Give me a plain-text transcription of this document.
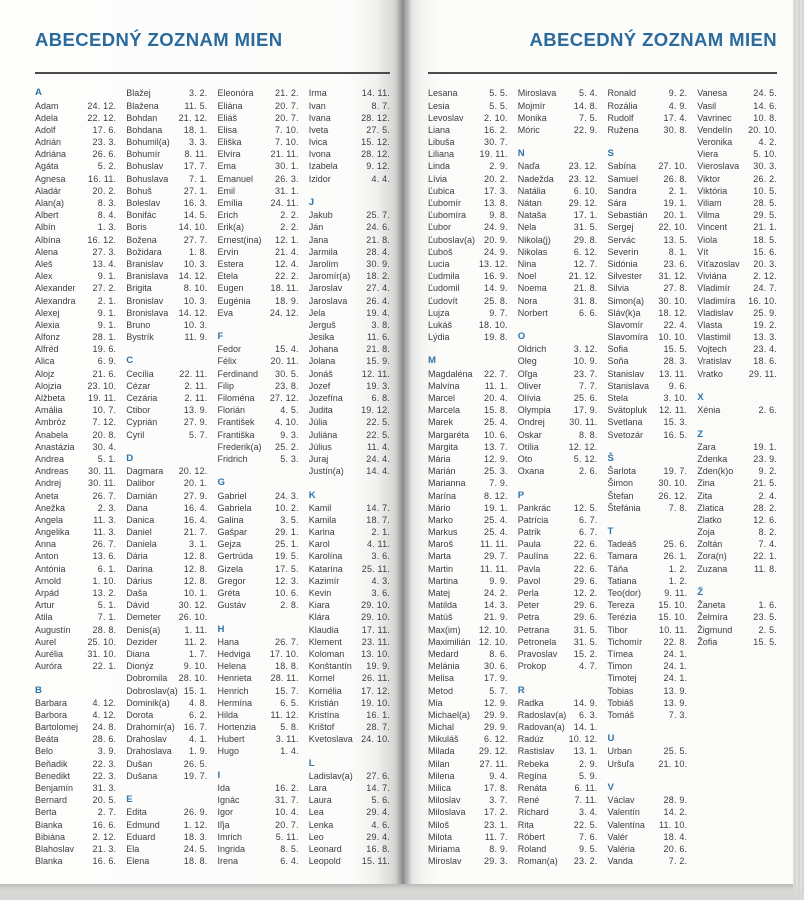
ABECEDNÝ ZOZNAM MIEN
A
Adam	24. 12.
Adela	22. 12.
Adolf	17. 6.
Adrián	23. 3.
Adriána	26. 6.
Agáta	5. 2.
Agnesa 16. 11.
Aladár	20. 2.
Alan(a)	8. 3.
Albert	8. 4.
Albín	1. 3.
Albína	16. 12.
Alena	27. 3.
Aleš	13. 4.
Alex	9. 1.
Alexander 27. 2.
Alexandra 2. 1.
Alexej	9. 1.
Alexia	9. 1.
Alfonz	28. 1.
Alfréd	19. 6.
Alica	6. 9.
Alojz	21. 6.
Alojzia	23. 10.
Alžbeta	19. 11.
Amália	10. 7.
Ambróz	7. 12.
Anabela	20. 8.
Anastázia 30. 4.
Andrea	5. 1.
Andreas 30. 11.
Andrej	30. 11.
Aneta	26. 7.
Anežka	2. 3.
Angela	11. 3.
Angelika	11. 3.
Anna	26. 7.
Anton	13. 6.
Antónia	6. 1.
Arnold	1. 10.
Arpád	13. 2.
Artur	5. 1.
Atila	7. 1.
Augustín 28. 8.
Aurel	25. 10.
Aurélia	31. 10.
Auróra	22. 1.
B
Barbara	4. 12.
Barbora	4. 12.
Bartolomej 24. 8.
Beáta	28. 6.
Belo	3. 9.
Beňadik	22. 3.
Benedikt	22. 3.
Benjamín 31. 3.
Bernard	20. 5.
Berta	2. 7.
Bianka	16. 6.
Bibiána	2. 12.
Blahoslav 21. 3.
Blanka	16. 6.
Blažej	3. 2.
Blažena	11. 5.
Bohdan 21. 12.
Bohdana 18. 1.
Bohumil(a) 3. 3.
Bohumír	8. 11.
Bohuslav 17. 7.
Bohuslava 7. 1.
Bohuš	27. 1.
Boleslav	16. 3.
Bonifác	14. 5.
Boris	14. 10.
Božena	27. 7.
Božidara	1. 8.
Branislav 10. 3.
Branislava 14. 12.
Brigita	8. 10.
Bronislav 10. 3.
Bronislava 14. 12.
Bruno	10. 3.
Bystrík	11. 9.
C
Cecília	22. 11.
Cézar	2. 11.
Cezária	2. 11.
Ctibor	13. 9.
Cyprián	27. 9.
Cyril	5. 7.
D
Dagmara 20. 12.
Dalibor	20. 1.
Damián	27. 9.
Dana	16. 4.
Danica	16. 4.
Daniel	21. 7.
Daniela	3. 1.
Dária	12. 8.
Darina	12. 8.
Dárius	12. 8.
Daša	10. 1.
Dávid	30. 12.
Demeter 26. 10.
Denis(a)	1. 11.
Dezider	11. 2.
Diana	1. 7.
Dionýz	9. 10.
Dobromila 28. 10.
Dobroslav(a) 15. 1.
Dominik(a) 4. 8.
Dorota	6. 2.
Drahomír(a) 16. 7.
Drahoslav 4. 1.
Drahoslava 1. 9.
Dušan	26. 5.
Dušana	19. 7.
E
Edita	26. 9.
Edmund	1. 12.
Eduard	18. 3.
Ela	24. 5.
Elena	18. 8.
Eleonóra 21. 2.
Eliána	20. 7.
Eliáš	20. 7.
Elisa	7. 10.
Eliška	7. 10.
Elvíra	21. 11.
Ema	30. 1.
Emanuel 26. 3.
Emil	31. 1.
Emília	24. 11.
Erich	2. 2.
Erik(a)	2. 2.
Ernest(ina) 12. 1.
Ervín	21. 4.
Estera	12. 4.
Etela	22. 2.
Eugen	18. 11.
Eugénia	18. 9.
Eva	24. 12.
F
Fedor	15. 4.
Félix	20. 11.
Ferdinand 30. 5.
Filip	23. 8.
Filoména 27. 12.
Florián	4. 5.
František 4. 10.
Františka	9. 3.
Frederik(a) 25. 2.
Fridrich	5. 3.
G
Gabriel	24. 3.
Gabriela	10. 2.
Galina	3. 5.
Gašpar	29. 1.
Gejza	25. 1.
Gertrúda 19. 5.
Gizela	17. 5.
Gregor	12. 3.
Gréta	10. 6.
Gustáv	2. 8.
H
Hana	26. 7.
Hedviga 17. 10.
Helena	18. 8.
Henrieta 28. 11.
Henrich	15. 7.
Hermína	6. 5.
Hilda	11. 12.
Hortenzia	5. 8.
Hubert	3. 11.
Hugo	1. 4.
I
Ida	16. 2.
Ignác	31. 7.
Igor	10. 4.
Iľja	20. 7.
Imrich	5. 11.
Ingrida	8. 5.
Irena	6. 4.
Irma	14. 11.
Ivan	8. 7.
Ivana	28. 12.
Iveta	27. 5.
Ivica	15. 12.
Ivona	28. 12.
Izabela	9. 12.
Izidor	4. 4.
J
Jakub	25. 7.
Ján	24. 6.
Jana	21. 8.
Jarmila	28. 4.
Jarolím	30. 9.
Jaromír(a) 18. 2.
Jaroslav	27. 4.
Jaroslava 26. 4.
Jela	19. 4.
Jerguš	3. 8.
Jesika	11. 6.
Johana	21. 8.
Jolana	15. 9.
Jonáš	12. 11.
Jozef	19. 3.
Jozefína	6. 8.
Judita	19. 12.
Júlia	22. 5.
Juliána	22. 5.
Július	11. 4.
Juraj	24. 4.
Justín(a)	14. 4.
K
Kamil	14. 7.
Kamila	18. 7.
Karina	2. 1.
Karol	4. 11.
Karolína	3. 6.
Katarína 25. 11.
Kazimír	4. 3.
Kevin	3. 6.
Kiara	29. 10.
Klára	29. 10.
Klaudia	17. 11.
Klement 23. 11.
Koloman 13. 10.
Konštantín 19. 9.
Kornel	26. 11.
Kornélia 17. 12.
Kristián 19. 10.
Kristína	16. 1.
Krištof	28. 7.
Kvetoslava 24. 10.
L
Ladislav(a) 27. 6.
Lara	14. 7.
Laura	5. 6.
Lea	29. 4.
Lenka	4. 6.
Leo	29. 4.
Leonard	16. 8.
Leopold 15. 11.
ABECEDNÝ ZOZNAM MIEN
Lesana	5. 5.
Lesia	5. 5.
Levoslav 2. 10.
Liana	16. 2.
Libuša	30. 7.
Liliana	19. 11.
Linda	2. 9.
Lívia	20. 2.
Ľubica	17. 3.
Ľubomír	13. 8.
Ľubomíra	9. 8.
Ľubor	24. 9.
Ľuboslav(a) 20. 9.
Ľuboš	24. 9.
Lucia	13. 12.
Ľudmila	16. 9.
Ľudomil	14. 9.
Ľudovít	25. 8.
Lujza	9. 7.
Lukáš	18. 10.
Lýdia	19. 8.
M
Magdaléna 22. 7.
Malvína	11. 1.
Marcel	20. 4.
Marcela	15. 8.
Marek	25. 4.
Margaréta 10. 6.
Margita	13. 7.
Mária	12. 9.
Marián	25. 3.
Marianna	7. 9.
Marína	8. 12.
Mário	19. 1.
Marko	25. 4.
Markus	25. 4.
Maroš	11. 11.
Marta	29. 7.
Martin	11. 11.
Martina	9. 9.
Matej	24. 2.
Matilda	14. 3.
Matúš	21. 9.
Max(im) 12. 10.
Maximilián 12. 10.
Medard	8. 6.
Melánia	30. 6.
Melisa	17. 9.
Metod	5. 7.
Mia	12. 9.
Michael(a) 29. 9.
Michal	29. 9.
Mikuláš	6. 12.
Milada	29. 12.
Milan	27. 11.
Milena	9. 4.
Milica	17. 8.
Miloslav	3. 7.
Miloslava 17. 2.
Miloš	23. 1.
Milota	11. 7.
Miriama	8. 9.
Miroslav	29. 3.
Miroslava	5. 4.
Mojmír	14. 8.
Monika	7. 5.
Móric	22. 9.
N
Naďa	23. 12.
Nadežda 23. 12.
Natália	6. 10.
Nátan	29. 12.
Nataša	17. 1.
Nela	31. 5.
Nikola(j)	29. 8.
Nikolas	6. 12.
Nina	12. 7.
Noel	21. 12.
Noema	21. 8.
Nora	31. 8.
Norbert	6. 6.
O
Oldrich	3. 12.
Oleg	10. 9.
Oľga	23. 7.
Oliver	7. 7.
Olívia	25. 6.
Olympia	17. 9.
Ondrej	30. 11.
Oskar	8. 8.
Otília	12. 12.
Oto	5. 12.
Oxana	2. 6.
P
Pankrác	12. 5.
Patrícia	6. 7.
Patrik	6. 7.
Paula	22. 6.
Paulína	22. 6.
Pavla	22. 6.
Pavol	29. 6.
Perla	12. 2.
Peter	29. 6.
Petra	29. 6.
Petrana	31. 5.
Petronela 31. 5.
Pravoslav 15. 2.
Prokop	4. 7.
R
Radka	14. 9.
Radoslav(a) 6. 3.
Radovan(a) 14. 1.
Radúz	10. 12.
Rastislav 13. 1.
Rebeka	2. 9.
Regína	5. 9.
Renáta	6. 11.
René	7. 11.
Richard	3. 4.
Rita	22. 5.
Róbert	7. 6.
Roland	9. 5.
Roman(a) 23. 2.
Ronald	9. 2.
Rozália	4. 9.
Rudolf	17. 4.
Ružena	30. 8.
S
Sabína 27. 10.
Samuel	26. 8.
Sandra	2. 1.
Sára	19. 1.
Sebastián 20. 1.
Sergej	22. 10.
Servác	13. 5.
Severín	8. 1.
Sidónia	23. 6.
Silvester 31. 12.
Silvia	27. 8.
Simon(a) 30. 10.
Sláv(k)a 18. 12.
Slavomír 22. 4.
Slavomíra 10. 10.
Sofia	15. 5.
Soňa	28. 3.
Stanislav 13. 11.
Stanislava 9. 6.
Stela	3. 10.
Svätopluk 12. 11.
Svetlana 15. 3.
Svetozár 16. 5.
Š
Šarlota	19. 7.
Šimon	30. 10.
Štefan	26. 12.
Štefánia	7. 8.
T
Tadeáš	25. 6.
Tamara	26. 1.
Táňa	1. 2.
Tatiana	1. 2.
Teo(dor)	9. 11.
Tereza	15. 10.
Terézia 15. 10.
Tibor	10. 11.
Tichomír 22. 8.
Tímea	24. 1.
Timon	24. 1.
Timotej	24. 1.
Tobias	13. 9.
Tobiáš	13. 9.
Tomáš	7. 3.
U
Urban	25. 5.
Uršuľa	21. 10.
V
Václav	28. 9.
Valentín	14. 2.
Valentína 11. 10.
Valér	18. 4.
Valéria	20. 6.
Vanda	7. 2.
Vanesa	24. 5.
Vasil	14. 6.
Vavrinec 10. 8.
Vendelín 20. 10.
Veronika	4. 2.
Viera	5. 10.
Vieroslava 30. 3.
Viktor	26. 2.
Viktória	10. 5.
Viliam	28. 5.
Vilma	29. 5.
Vincent	21. 1.
Viola	18. 5.
Vít	15. 6.
Víťazoslav 20. 3.
Viviána	2. 12.
Vladimír	24. 7.
Vladimíra 16. 10.
Vladislav 25. 9.
Vlasta	19. 2.
Vlastimil	13. 3.
Vojtech	23. 4.
Vratislav 18. 6.
Vratko	29. 11.
X
Xénia	2. 6.
Z
Zara	19. 1.
Zdenka	23. 9.
Zden(k)o	9. 2.
Zina	21. 5.
Zita	2. 4.
Zlatica	28. 2.
Zlatko	12. 6.
Zoja	8. 2.
Zoltán	7. 4.
Zora(n)	22. 1.
Zuzana	11. 8.
Ž
Žaneta	1. 6.
Želmíra	23. 5.
Žigmund	2. 5.
Žofia	15. 5.
